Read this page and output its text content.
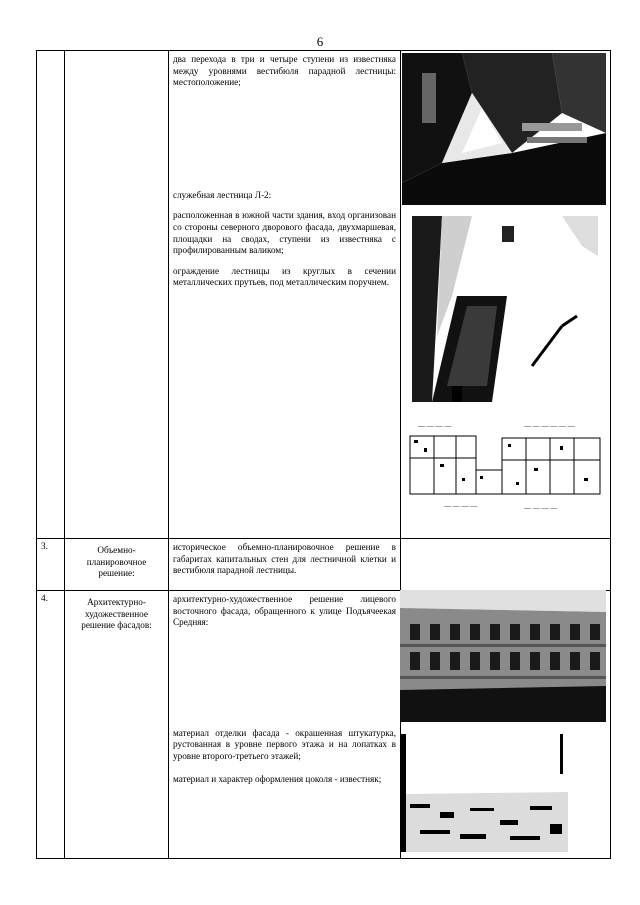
6

		два перехода в три и четыре ступени из известняка между уровнями вестибюля парадной лестницы: местоположение;

служебная лестница Л-2:

расположенная в южной части здания, вход организован со стороны северного дворового фасада, двухмаршевая, площадки на сводах, ступени из известняка с профилированным валиком;

ограждение лестницы из круглых в сечении металлических прутьев, под металлическим поручнем.	

3.	Объемно-планировочное решение:	историческое объемно-планировочное решение в габаритах капитальных стен для лестничной клетки и вестибюля парадной лестницы.	

4.	Архитектурно-художественное решение фасадов:	архитектурно-художественное решение лицевого восточного фасада, обращенного к улице Подъячеекая Средняя:

материал отделки фасада - окрашенная штукатурка, рустованная в уровне первого этажа и на лопатках в уровне второго-третьего этажей;

материал и характер оформления цоколя - известняк;	

— — — —	— — — — — —
— — — —	— — — —
